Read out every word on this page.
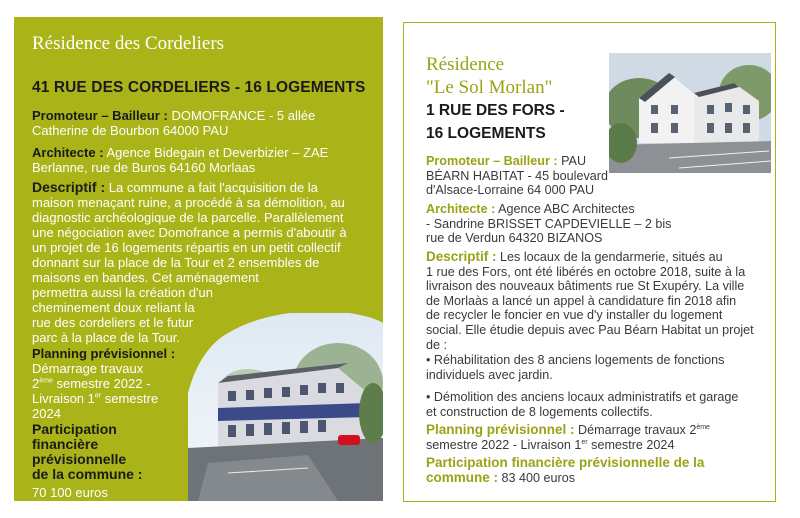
Résidence des Cordeliers
41 RUE DES CORDELIERS - 16 LOGEMENTS
Promoteur – Bailleur : DOMOFRANCE - 5 allée
Catherine de Bourbon 64000 PAU
Architecte : Agence Bidegain et Deverbizier – ZAE
Berlanne, rue de Buros 64160 Morlaas
Descriptif : La commune a fait l'acquisition de la
maison menaçant ruine, a procédé à sa démolition, au
diagnostic archéologique de la parcelle. Parallèlement
une négociation avec Domofrance a permis d'aboutir à
un projet de 16 logements répartis en un petit collectif
donnant sur la place de la Tour et 2 ensembles de
maisons en bandes. Cet aménagement
permettra aussi la création d'un
cheminement doux reliant la
rue des cordeliers et le futur
parc à la place de la Tour.
Planning prévisionnel :
Démarrage travaux
2ème semestre 2022 -
Livraison 1er semestre
2024
Participation
financière
prévisionnelle
de la commune :
70 100 euros
Résidence
"Le Sol Morlan"
1 RUE DES FORS -
16 LOGEMENTS
Promoteur – Bailleur : PAU
BÉARN HABITAT - 45 boulevard
d'Alsace-Lorraine 64 000 PAU
Architecte : Agence ABC Architectes
- Sandrine BRISSET CAPDEVIELLE – 2 bis
rue de Verdun 64320 BIZANOS
Descriptif : Les locaux de la gendarmerie, situés au
1 rue des Fors, ont été libérés en octobre 2018, suite à la
livraison des nouveaux bâtiments rue St Exupéry. La ville
de Morlaàs a lancé un appel à candidature fin 2018 afin
de recycler le foncier en vue d'y installer du logement
social. Elle étudie depuis avec Pau Béarn Habitat un projet
de :
• Réhabilitation des 8 anciens logements de fonctions
individuels avec jardin.
• Démolition des anciens locaux administratifs et garage
et construction de 8 logements collectifs.
Planning prévisionnel : Démarrage travaux 2ème
semestre 2022 - Livraison 1er semestre 2024
Participation financière prévisionnelle de la
commune : 83 400 euros
